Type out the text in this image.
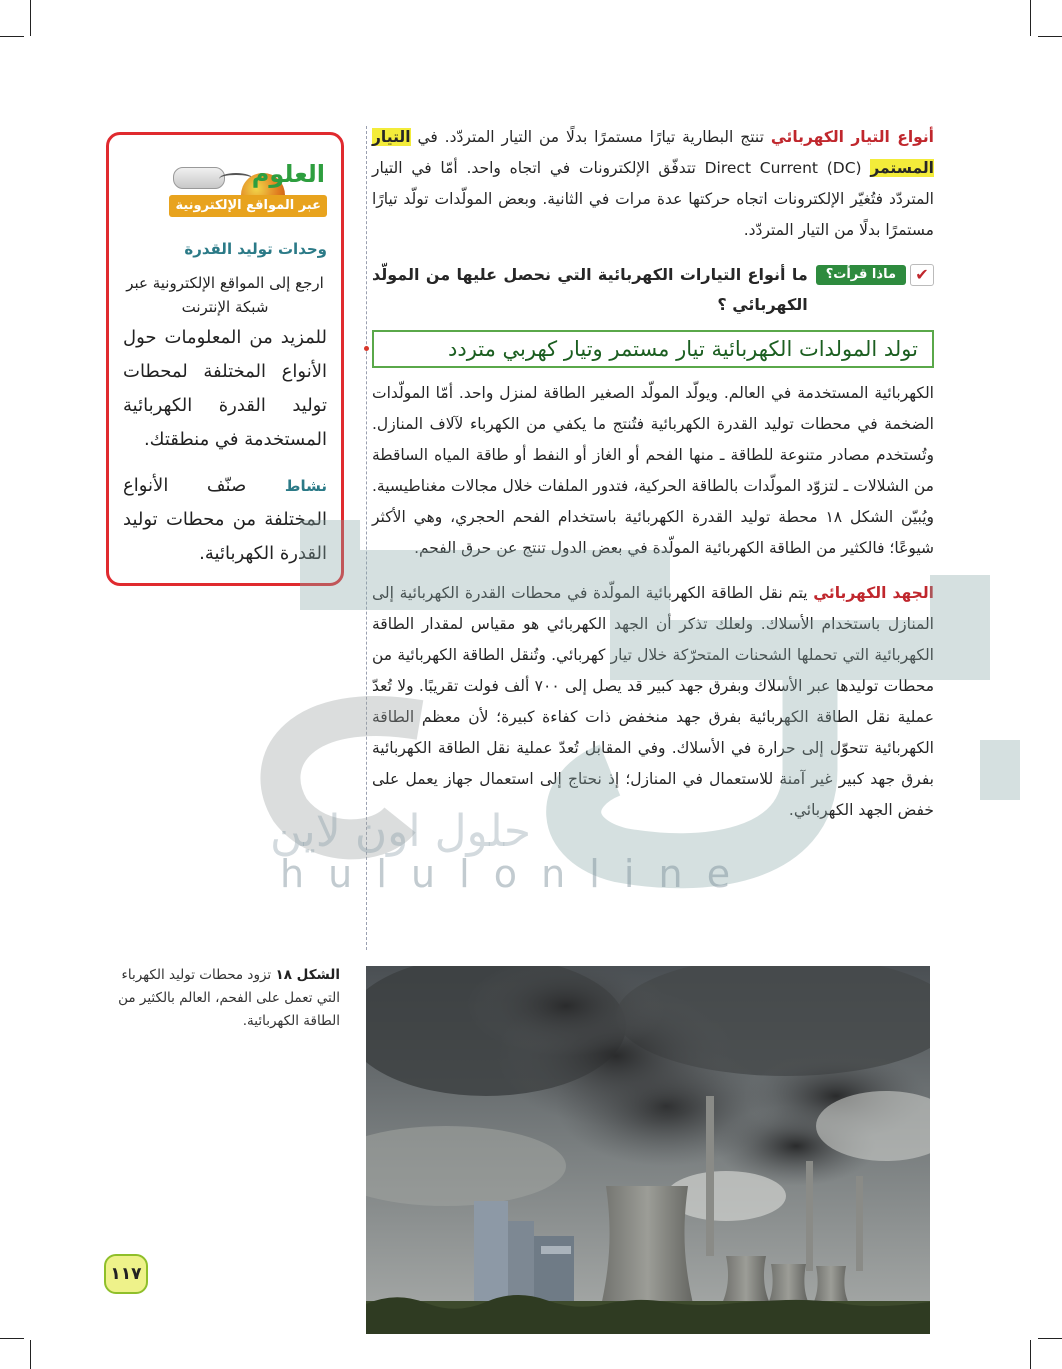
h u l u l o n l i n e
حلول اون لاين

أنواع التيار الكهربائي تنتج البطارية تيارًا مستمرًا بدلًا من التيار المتردّد. في التيار المستمر Direct Current (DC) تتدفّق الإلكترونات في اتجاه واحد. أمّا في التيار المتردّد فتُغيّر الإلكترونات اتجاه حركتها عدة مرات في الثانية. وبعض المولّدات تولّد تيارًا مستمرًا بدلًا من التيار المتردّد.

✔
ماذا قرأت؟
ما أنواع التيارات الكهربائية التي نحصل عليها من المولّد الكهربائي ؟
تولد المولدات الكهربائية تيار مستمر وتيار كهربي متردد

الكهربائية المستخدمة في العالم. ويولّد المولّد الصغير الطاقة لمنزل واحد. أمّا المولّدات الضخمة في محطات توليد القدرة الكهربائية فتُنتج ما يكفي من الكهرباء لآلاف المنازل. وتُستخدم مصادر متنوعة للطاقة ـ منها الفحم أو الغاز أو النفط أو طاقة المياه الساقطة من الشلالات ـ لتزوّد المولّدات بالطاقة الحركية، فتدور الملفات خلال مجالات مغناطيسية. ويُبيّن الشكل ١٨ محطة توليد القدرة الكهربائية باستخدام الفحم الحجري، وهي الأكثر شيوعًا؛ فالكثير من الطاقة الكهربائية المولّدة في بعض الدول تنتج عن حرق الفحم.

الجهد الكهربائي يتم نقل الطاقة الكهربائية المولّدة في محطات القدرة الكهربائية إلى المنازل باستخدام الأسلاك. ولعلك تذكر أن الجهد الكهربائي هو مقياس لمقدار الطاقة الكهربائية التي تحملها الشحنات المتحرّكة خلال تيار كهربائي. وتُنقل الطاقة الكهربائية من محطات توليدها عبر الأسلاك وبفرق جهد كبير قد يصل إلى ٧٠٠ ألف فولت تقريبًا. ولا تُعدّ عملية نقل الطاقة الكهربائية بفرق جهد منخفض ذات كفاءة كبيرة؛ لأن معظم الطاقة الكهربائية تتحوّل إلى حرارة في الأسلاك. وفي المقابل تُعدّ عملية نقل الطاقة الكهربائية بفرق جهد كبير غير آمنة للاستعمال في المنازل؛ إذ نحتاج إلى استعمال جهاز يعمل على خفض الجهد الكهربائي.

العلوم
عبر المواقع الإلكترونية
وحدات توليد القدرة

ارجع إلى المواقع الإلكترونية عبر شبكة الإنترنت

للمزيد من المعلومات حول الأنواع المختلفة لمحطات توليد القدرة الكهربائية المستخدمة في منطقتك.

نشاط صنّف الأنواع المختلفة من محطات توليد القدرة الكهربائية.

الشكل ١٨ تزود محطات توليد الكهرباء التي تعمل على الفحم، العالم بالكثير من الطاقة الكهربائية.
١١٧
